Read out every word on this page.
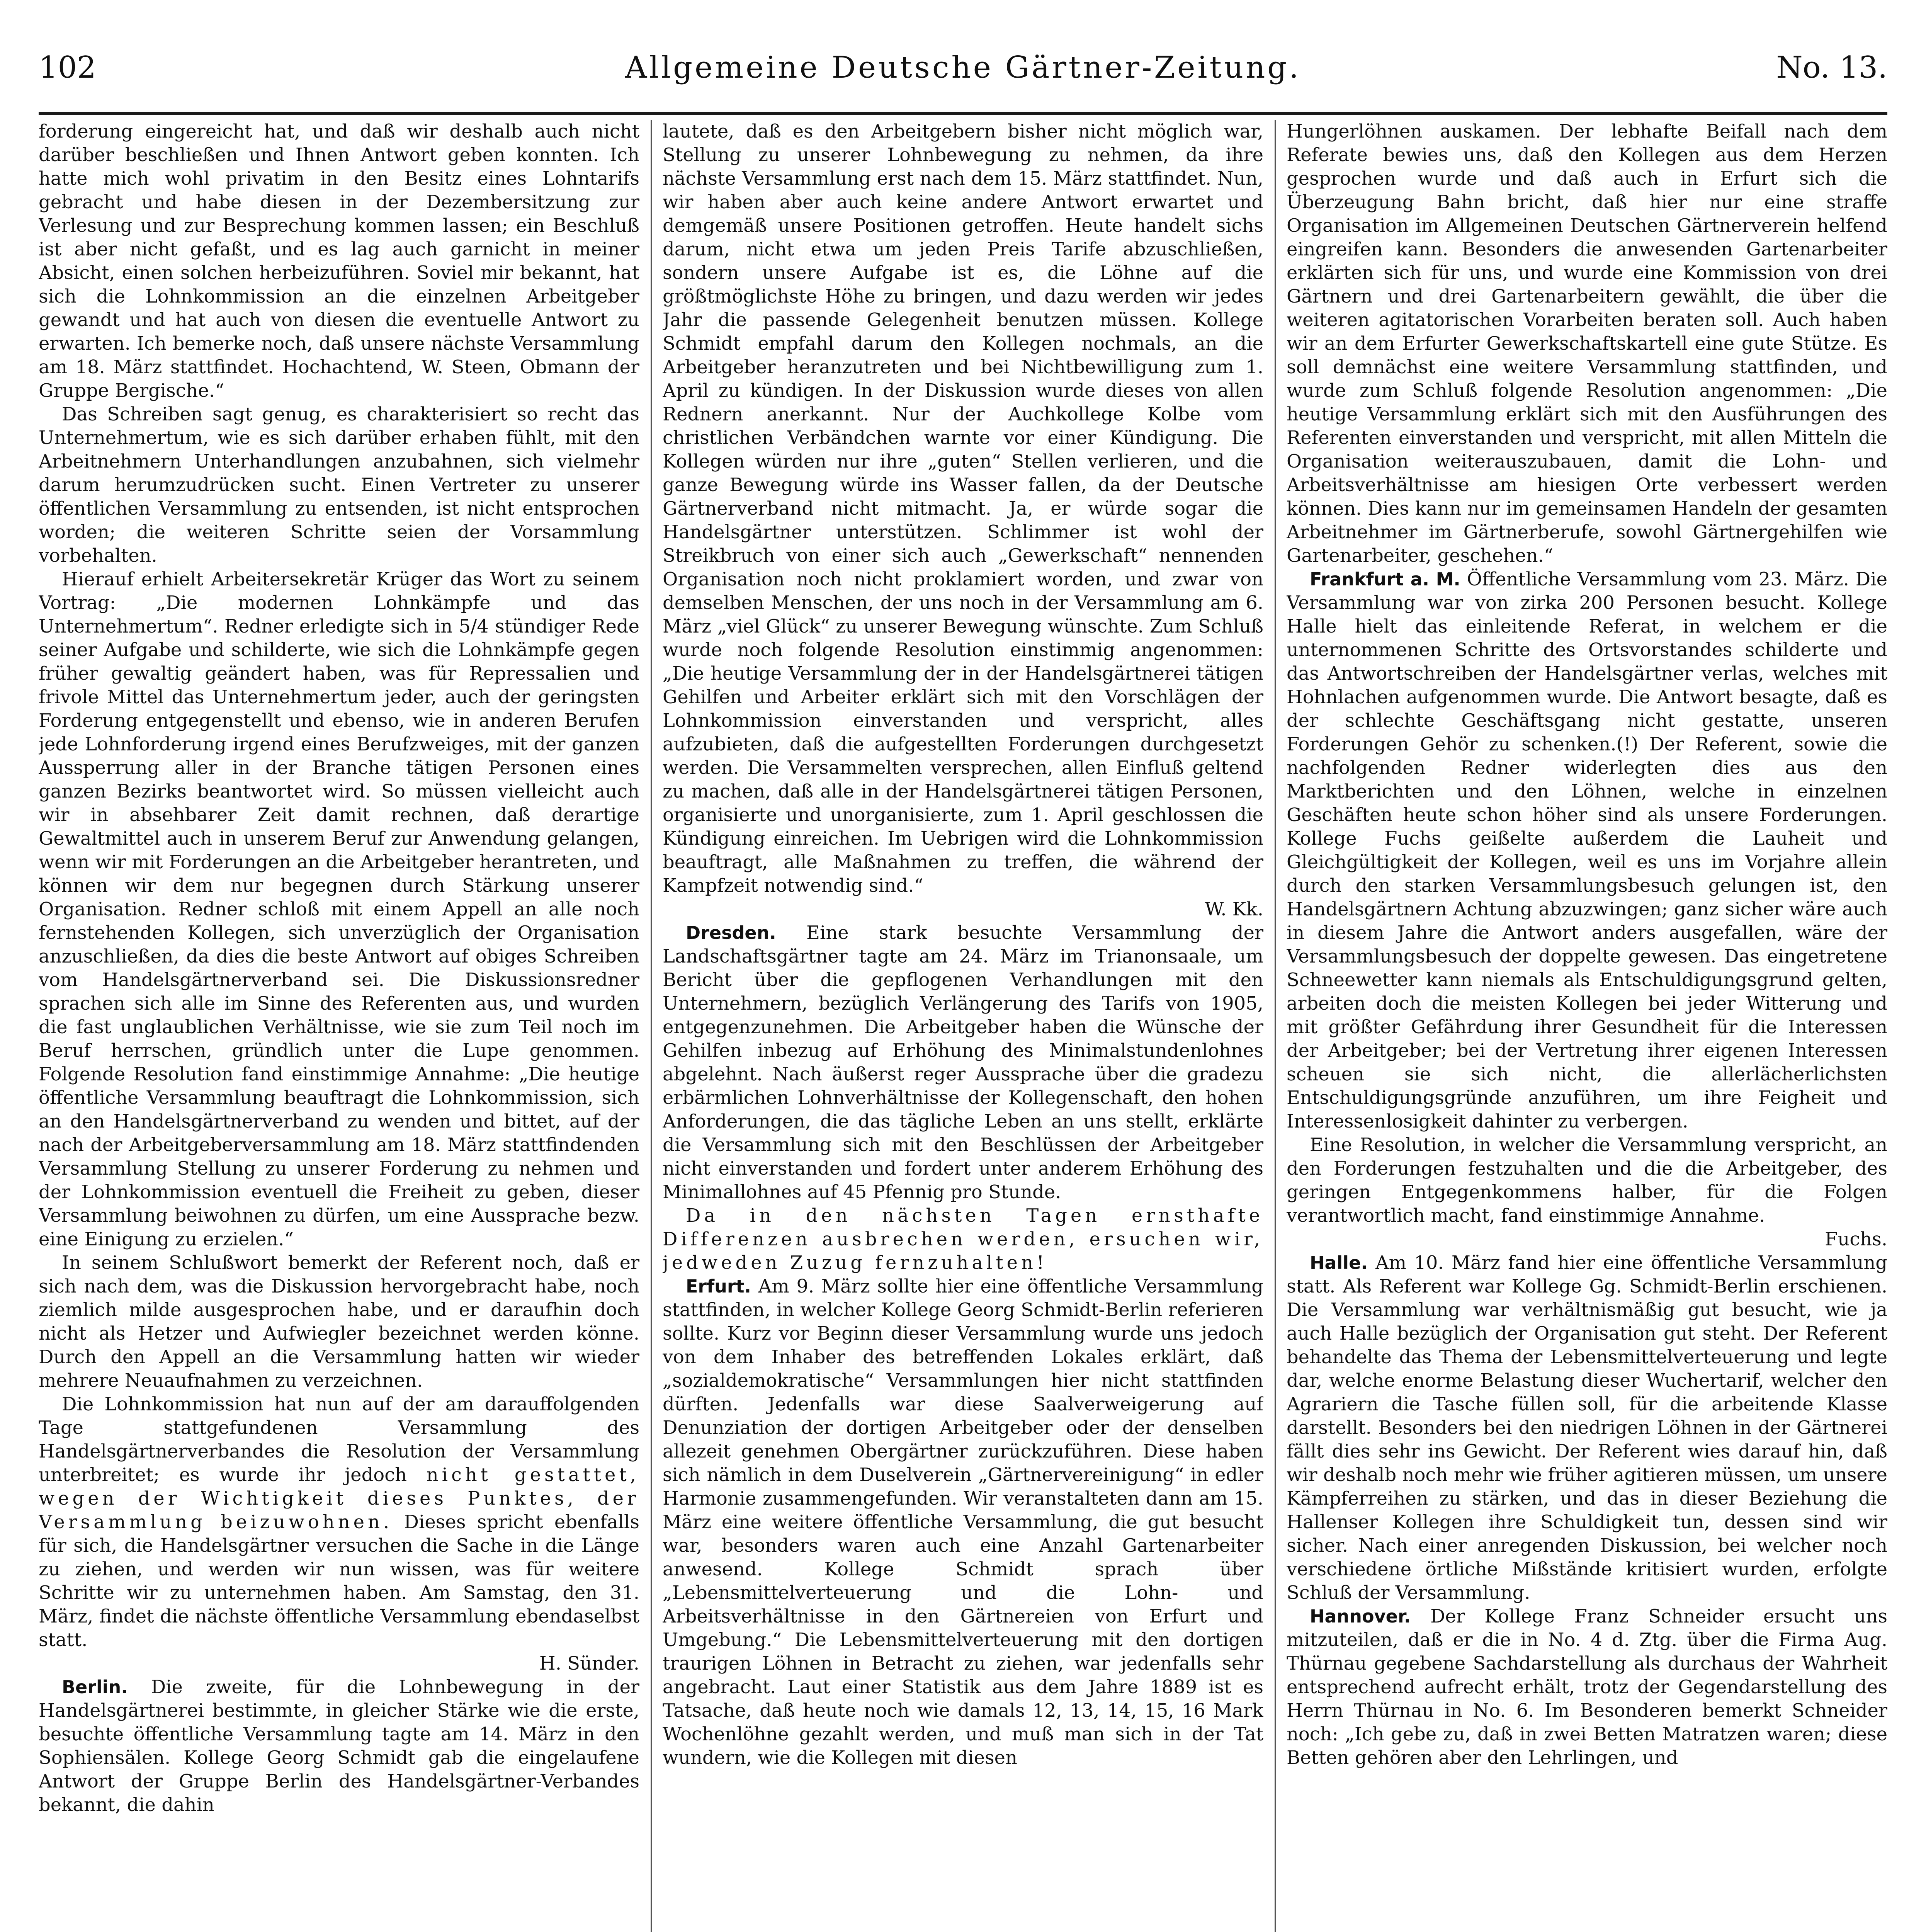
102	Allgemeine Deutsche Gärtner-Zeitung.	No. 13.

forderung eingereicht hat, und daß wir deshalb auch nicht darüber beschließen und Ihnen Antwort geben konnten. Ich hatte mich wohl privatim in den Besitz eines Lohntarifs gebracht und habe diesen in der Dezembersitzung zur Verlesung und zur Besprechung kommen lassen; ein Beschluß ist aber nicht gefaßt, und es lag auch garnicht in meiner Absicht, einen solchen herbeizuführen. Soviel mir bekannt, hat sich die Lohnkommission an die einzelnen Arbeitgeber gewandt und hat auch von diesen die eventuelle Antwort zu erwarten. Ich bemerke noch, daß unsere nächste Versammlung am 18. März stattfindet. Hochachtend, W. Steen, Obmann der Gruppe Bergische.“

Das Schreiben sagt genug, es charakterisiert so recht das Unternehmertum, wie es sich darüber erhaben fühlt, mit den Arbeitnehmern Unterhandlungen anzubahnen, sich vielmehr darum herumzudrücken sucht. Einen Vertreter zu unserer öffentlichen Versammlung zu entsenden, ist nicht entsprochen worden; die weiteren Schritte seien der Vorsammlung vorbehalten.

Hierauf erhielt Arbeitersekretär Krüger das Wort zu seinem Vortrag: „Die modernen Lohnkämpfe und das Unternehmertum“. Redner erledigte sich in 5/4 stündiger Rede seiner Aufgabe und schilderte, wie sich die Lohnkämpfe gegen früher gewaltig geändert haben, was für Repressalien und frivole Mittel das Unternehmertum jeder, auch der geringsten Forderung entgegenstellt und ebenso, wie in anderen Berufen jede Lohnforderung irgend eines Berufzweiges, mit der ganzen Aussperrung aller in der Branche tätigen Personen eines ganzen Bezirks beantwortet wird. So müssen vielleicht auch wir in absehbarer Zeit damit rechnen, daß derartige Gewaltmittel auch in unserem Beruf zur Anwendung gelangen, wenn wir mit Forderungen an die Arbeitgeber herantreten, und können wir dem nur begegnen durch Stärkung unserer Organisation. Redner schloß mit einem Appell an alle noch fernstehenden Kollegen, sich unverzüglich der Organisation anzuschließen, da dies die beste Antwort auf obiges Schreiben vom Handelsgärtnerverband sei. Die Diskussionsredner sprachen sich alle im Sinne des Referenten aus, und wurden die fast unglaublichen Verhältnisse, wie sie zum Teil noch im Beruf herrschen, gründlich unter die Lupe genommen. Folgende Resolution fand einstimmige Annahme: „Die heutige öffentliche Versammlung beauftragt die Lohnkommission, sich an den Handelsgärtnerverband zu wenden und bittet, auf der nach der Arbeitgeberversammlung am 18. März stattfindenden Versammlung Stellung zu unserer Forderung zu nehmen und der Lohnkommission eventuell die Freiheit zu geben, dieser Versammlung beiwohnen zu dürfen, um eine Aussprache bezw. eine Einigung zu erzielen.“

In seinem Schlußwort bemerkt der Referent noch, daß er sich nach dem, was die Diskussion hervorgebracht habe, noch ziemlich milde ausgesprochen habe, und er daraufhin doch nicht als Hetzer und Aufwiegler bezeichnet werden könne. Durch den Appell an die Versammlung hatten wir wieder mehrere Neuaufnahmen zu verzeichnen.

Die Lohnkommission hat nun auf der am darauffolgenden Tage stattgefundenen Versammlung des Handelsgärtnerverbandes die Resolution der Versammlung unterbreitet; es wurde ihr jedoch nicht gestattet, wegen der Wichtigkeit dieses Punktes, der Versammlung beizuwohnen. Dieses spricht ebenfalls für sich, die Handelsgärtner versuchen die Sache in die Länge zu ziehen, und werden wir nun wissen, was für weitere Schritte wir zu unternehmen haben. Am Samstag, den 31. März, findet die nächste öffentliche Versammlung ebendaselbst statt.
H. Sünder.

Berlin. Die zweite, für die Lohnbewegung in der Handelsgärtnerei bestimmte, in gleicher Stärke wie die erste, besuchte öffentliche Versammlung tagte am 14. März in den Sophiensälen. Kollege Georg Schmidt gab die eingelaufene Antwort der Gruppe Berlin des Handelsgärtner-Verbandes bekannt, die dahin

lautete, daß es den Arbeitgebern bisher nicht möglich war, Stellung zu unserer Lohnbewegung zu nehmen, da ihre nächste Versammlung erst nach dem 15. März stattfindet. Nun, wir haben aber auch keine andere Antwort erwartet und demgemäß unsere Positionen getroffen. Heute handelt sichs darum, nicht etwa um jeden Preis Tarife abzuschließen, sondern unsere Aufgabe ist es, die Löhne auf die größtmöglichste Höhe zu bringen, und dazu werden wir jedes Jahr die passende Gelegenheit benutzen müssen. Kollege Schmidt empfahl darum den Kollegen nochmals, an die Arbeitgeber heranzutreten und bei Nichtbewilligung zum 1. April zu kündigen. In der Diskussion wurde dieses von allen Rednern anerkannt. Nur der Auchkollege Kolbe vom christlichen Verbändchen warnte vor einer Kündigung. Die Kollegen würden nur ihre „guten“ Stellen verlieren, und die ganze Bewegung würde ins Wasser fallen, da der Deutsche Gärtnerverband nicht mitmacht. Ja, er würde sogar die Handelsgärtner unterstützen. Schlimmer ist wohl der Streikbruch von einer sich auch „Gewerkschaft“ nennenden Organisation noch nicht proklamiert worden, und zwar von demselben Menschen, der uns noch in der Versammlung am 6. März „viel Glück“ zu unserer Bewegung wünschte. Zum Schluß wurde noch folgende Resolution einstimmig angenommen: „Die heutige Versammlung der in der Handelsgärtnerei tätigen Gehilfen und Arbeiter erklärt sich mit den Vorschlägen der Lohnkommission einverstanden und verspricht, alles aufzubieten, daß die aufgestellten Forderungen durchgesetzt werden. Die Versammelten versprechen, allen Einfluß geltend zu machen, daß alle in der Handelsgärtnerei tätigen Personen, organisierte und unorganisierte, zum 1. April geschlossen die Kündigung einreichen. Im Uebrigen wird die Lohnkommission beauftragt, alle Maßnahmen zu treffen, die während der Kampfzeit notwendig sind.“

W. Kk.

Dresden. Eine stark besuchte Versammlung der Landschaftsgärtner tagte am 24. März im Trianonsaale, um Bericht über die gepflogenen Verhandlungen mit den Unternehmern, bezüglich Verlängerung des Tarifs von 1905, entgegenzunehmen. Die Arbeitgeber haben die Wünsche der Gehilfen inbezug auf Erhöhung des Minimalstundenlohnes abgelehnt. Nach äußerst reger Aussprache über die gradezu erbärmlichen Lohnverhältnisse der Kollegenschaft, den hohen Anforderungen, die das tägliche Leben an uns stellt, erklärte die Versammlung sich mit den Beschlüssen der Arbeitgeber nicht einverstanden und fordert unter anderem Erhöhung des Minimallohnes auf 45 Pfennig pro Stunde.

Da in den nächsten Tagen ernsthafte Differenzen ausbrechen werden, ersuchen wir, jedweden Zuzug fernzuhalten!

Erfurt. Am 9. März sollte hier eine öffentliche Versammlung stattfinden, in welcher Kollege Georg Schmidt-Berlin referieren sollte. Kurz vor Beginn dieser Versammlung wurde uns jedoch von dem Inhaber des betreffenden Lokales erklärt, daß „sozialdemokratische“ Versammlungen hier nicht stattfinden dürften. Jedenfalls war diese Saalverweigerung auf Denunziation der dortigen Arbeitgeber oder der denselben allezeit genehmen Obergärtner zurückzuführen. Diese haben sich nämlich in dem Duselverein „Gärtnervereinigung“ in edler Harmonie zusammengefunden. Wir veranstalteten dann am 15. März eine weitere öffentliche Versammlung, die gut besucht war, besonders waren auch eine Anzahl Gartenarbeiter anwesend. Kollege Schmidt sprach über „Lebensmittelverteuerung und die Lohn- und Arbeitsverhältnisse in den Gärtnereien von Erfurt und Umgebung.“ Die Lebensmittelverteuerung mit den dortigen traurigen Löhnen in Betracht zu ziehen, war jedenfalls sehr angebracht. Laut einer Statistik aus dem Jahre 1889 ist es Tatsache, daß heute noch wie damals 12, 13, 14, 15, 16 Mark Wochenlöhne gezahlt werden, und muß man sich in der Tat wundern, wie die Kollegen mit diesen

Hungerlöhnen auskamen. Der lebhafte Beifall nach dem Referate bewies uns, daß den Kollegen aus dem Herzen gesprochen wurde und daß auch in Erfurt sich die Überzeugung Bahn bricht, daß hier nur eine straffe Organisation im Allgemeinen Deutschen Gärtnerverein helfend eingreifen kann. Besonders die anwesenden Gartenarbeiter erklärten sich für uns, und wurde eine Kommission von drei Gärtnern und drei Gartenarbeitern gewählt, die über die weiteren agitatorischen Vorarbeiten beraten soll. Auch haben wir an dem Erfurter Gewerkschaftskartell eine gute Stütze. Es soll demnächst eine weitere Versammlung stattfinden, und wurde zum Schluß folgende Resolution angenommen: „Die heutige Versammlung erklärt sich mit den Ausführungen des Referenten einverstanden und verspricht, mit allen Mitteln die Organisation weiterauszubauen, damit die Lohn- und Arbeitsverhältnisse am hiesigen Orte verbessert werden können. Dies kann nur im gemeinsamen Handeln der gesamten Arbeitnehmer im Gärtnerberufe, sowohl Gärtnergehilfen wie Gartenarbeiter, geschehen.“

Frankfurt a. M. Öffentliche Versammlung vom 23. März. Die Versammlung war von zirka 200 Personen besucht. Kollege Halle hielt das einleitende Referat, in welchem er die unternommenen Schritte des Ortsvorstandes schilderte und das Antwortschreiben der Handelsgärtner verlas, welches mit Hohnlachen aufgenommen wurde. Die Antwort besagte, daß es der schlechte Geschäftsgang nicht gestatte, unseren Forderungen Gehör zu schenken.(!) Der Referent, sowie die nachfolgenden Redner widerlegten dies aus den Marktberichten und den Löhnen, welche in einzelnen Geschäften heute schon höher sind als unsere Forderungen. Kollege Fuchs geißelte außerdem die Lauheit und Gleichgültigkeit der Kollegen, weil es uns im Vorjahre allein durch den starken Versammlungsbesuch gelungen ist, den Handelsgärtnern Achtung abzuzwingen; ganz sicher wäre auch in diesem Jahre die Antwort anders ausgefallen, wäre der Versammlungsbesuch der doppelte gewesen. Das eingetretene Schneewetter kann niemals als Entschuldigungsgrund gelten, arbeiten doch die meisten Kollegen bei jeder Witterung und mit größter Gefährdung ihrer Gesundheit für die Interessen der Arbeitgeber; bei der Vertretung ihrer eigenen Interessen scheuen sie sich nicht, die allerlächerlichsten Entschuldigungsgründe anzuführen, um ihre Feigheit und Interessenlosigkeit dahinter zu verbergen.

Eine Resolution, in welcher die Versammlung verspricht, an den Forderungen festzuhalten und die die Arbeitgeber, des geringen Entgegenkommens halber, für die Folgen verantwortlich macht, fand einstimmige Annahme.
Fuchs.

Halle. Am 10. März fand hier eine öffentliche Versammlung statt. Als Referent war Kollege Gg. Schmidt-Berlin erschienen. Die Versammlung war verhältnismäßig gut besucht, wie ja auch Halle bezüglich der Organisation gut steht. Der Referent behandelte das Thema der Lebensmittelverteuerung und legte dar, welche enorme Belastung dieser Wuchertarif, welcher den Agrariern die Tasche füllen soll, für die arbeitende Klasse darstellt. Besonders bei den niedrigen Löhnen in der Gärtnerei fällt dies sehr ins Gewicht. Der Referent wies darauf hin, daß wir deshalb noch mehr wie früher agitieren müssen, um unsere Kämpferreihen zu stärken, und das in dieser Beziehung die Hallenser Kollegen ihre Schuldigkeit tun, dessen sind wir sicher. Nach einer anregenden Diskussion, bei welcher noch verschiedene örtliche Mißstände kritisiert wurden, erfolgte Schluß der Versammlung.

Hannover. Der Kollege Franz Schneider ersucht uns mitzuteilen, daß er die in No. 4 d. Ztg. über die Firma Aug. Thürnau gegebene Sachdarstellung als durchaus der Wahrheit entsprechend aufrecht erhält, trotz der Gegendarstellung des Herrn Thürnau in No. 6. Im Besonderen bemerkt Schneider noch: „Ich gebe zu, daß in zwei Betten Matratzen waren; diese Betten gehören aber den Lehrlingen, und
